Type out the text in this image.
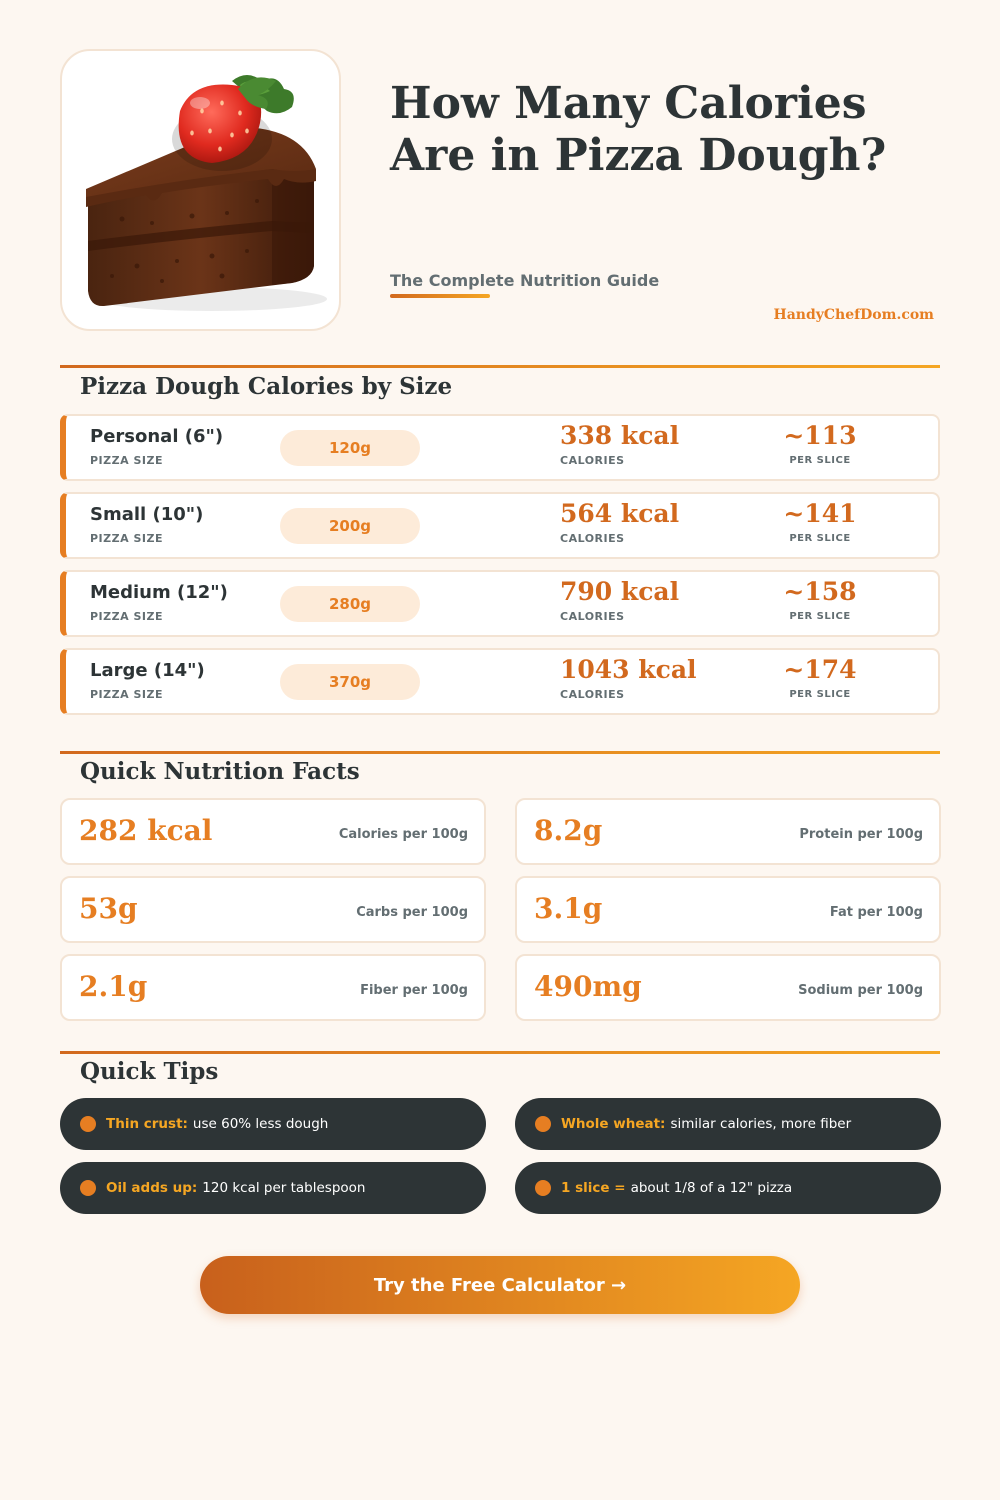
How Many Calories Are in Pizza Dough?
The Complete Nutrition Guide
HandyChefDom.com
Pizza Dough Calories by Size
Personal (6")
PIZZA SIZE
120g	338 kcal
CALORIES
~113
PER SLICE
Small (10")
PIZZA SIZE
200g	564 kcal
CALORIES
~141
PER SLICE
Medium (12")
PIZZA SIZE
280g	790 kcal
CALORIES
~158
PER SLICE
Large (14")
PIZZA SIZE
370g	1043 kcal
CALORIES
~174
PER SLICE
Quick Nutrition Facts
282 kcal	Calories per 100g 8.2g	Protein per 100g
53g	Carbs per 100g 3.1g	Fat per 100g
2.1g	Fiber per 100g 490mg	Sodium per 100g
Quick Tips
Thin crust: use 60% less dough	Whole wheat: similar calories, more fiber
Oil adds up: 120 kcal per tablespoon	1 slice = about 1/8 of a 12" pizza
Try the Free Calculator →
